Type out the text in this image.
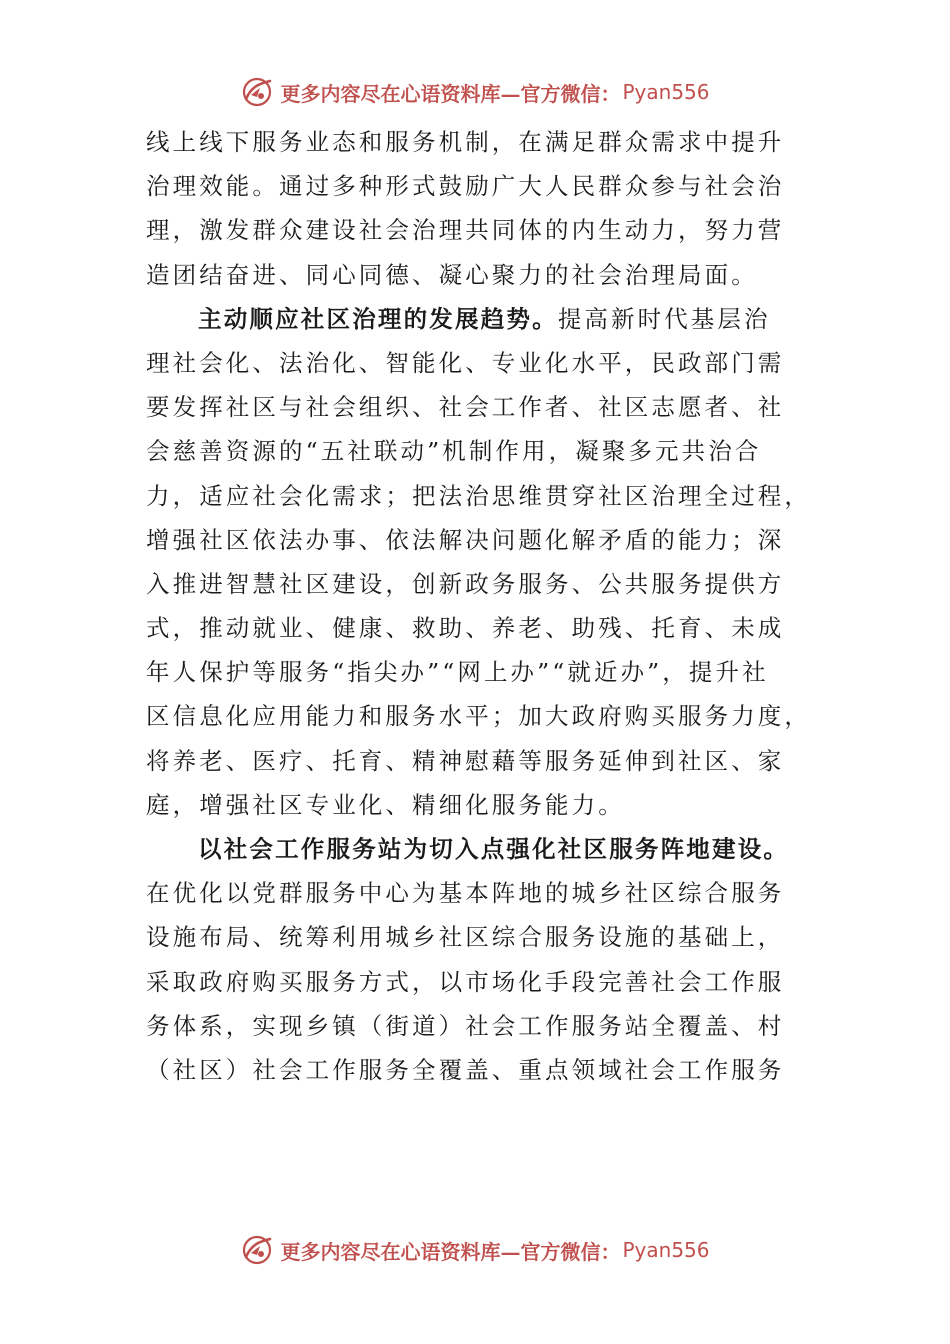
更多内容尽在心语资料库—官方微信： Pyan556
线上线下服务业态和服务机制，在满足群众需求中提升
治理效能。通过多种形式鼓励广大人民群众参与社会治
理，激发群众建设社会治理共同体的内生动力，努力营
造团结奋进、同心同德、凝心聚力的社会治理局面。
主动顺应社区治理的发展趋势。提高新时代基层治
理社会化、法治化、智能化、专业化水平，民政部门需
要发挥社区与社会组织、社会工作者、社区志愿者、社
会慈善资源的“五社联动”机制作用，凝聚多元共治合
力，适应社会化需求；把法治思维贯穿社区治理全过程，
增强社区依法办事、依法解决问题化解矛盾的能力；深
入推进智慧社区建设，创新政务服务、公共服务提供方
式，推动就业、健康、救助、养老、助残、托育、未成
年人保护等服务“指尖办”“网上办”“就近办”，提升社
区信息化应用能力和服务水平；加大政府购买服务力度，
将养老、医疗、托育、精神慰藉等服务延伸到社区、家
庭，增强社区专业化、精细化服务能力。
以社会工作服务站为切入点强化社区服务阵地建设。
在优化以党群服务中心为基本阵地的城乡社区综合服务
设施布局、统筹利用城乡社区综合服务设施的基础上，
采取政府购买服务方式，以市场化手段完善社会工作服
务体系，实现乡镇（街道）社会工作服务站全覆盖、村
（社区）社会工作服务全覆盖、重点领域社会工作服务
更多内容尽在心语资料库—官方微信： Pyan556
